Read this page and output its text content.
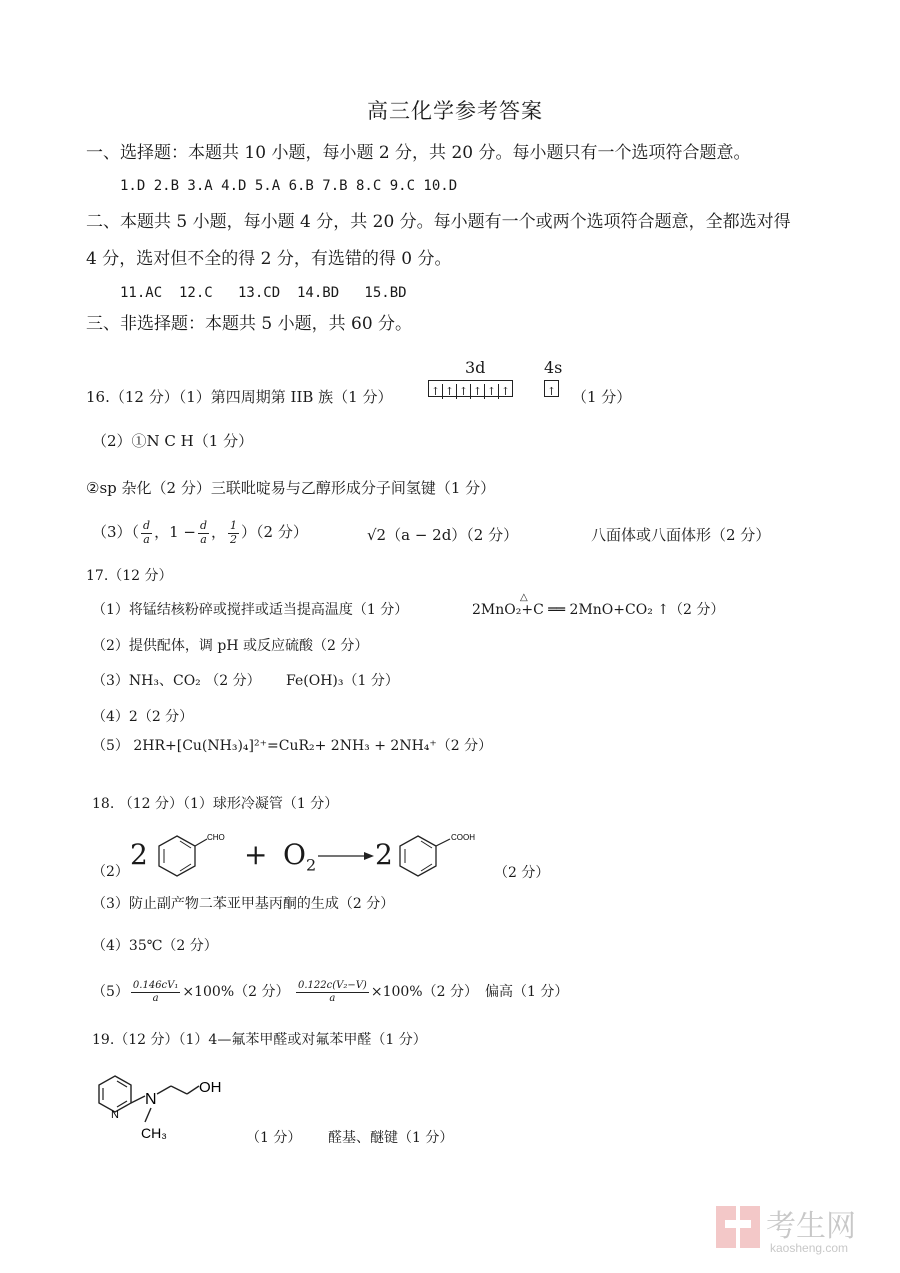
高三化学参考答案
一、选择题：本题共 10 小题，每小题 2 分，共 20 分。每小题只有一个选项符合题意。
1.D 2.B 3.A 4.D 5.A 6.B 7.B 8.C 9.C 10.D
二、本题共 5 小题，每小题 4 分，共 20 分。每小题有一个或两个选项符合题意，全都选对得
4 分，选对但不全的得 2 分，有选错的得 0 分。
11.AC  12.C   13.CD  14.BD   15.BD
三、非选择题：本题共 5 小题，共 60 分。
16.（12 分）（1）第四周期第 IIB 族（1 分）
3d
↑ ↑ ↑ ↑ ↑ ↑
4s
↑ （1 分）
（2）①N C H（1 分）
②sp 杂化（2 分）三联吡啶易与乙醇形成分子间氢键（1 分）
$(3)( \frac{d}{a}$ ，$1 - \frac{d}{a}$ ， $\frac{1}{2} )(2$ 分）	√2（a − 2d）（2 分）	八面体或八面体形（2 分）
17.（12 分）
（1）将锰结核粉碎或搅拌或适当提高温度（1 分）
△
2MnO₂+C ══ 2MnO+CO₂ ↑（2 分）
（2）提供配体，调 pH 或反应硫酸（2 分）
（3）NH₃、CO₂ （2 分）　　 Fe(OH)₃（1 分）
（4）2（2 分）
（5） 2HR+[Cu(NH₃)₄]²⁺=CuR₂+ 2NH₃ + 2NH₄⁺（2 分）
18. （12 分）（1）球形冷凝管（1 分）
（2）
2
CHO
+ $O_2 \to 2$
COOH
（2 分）
（3）防止副产物二苯亚甲基丙酮的生成（2 分）
（4）35℃（2 分）
$(5) \frac{\text{0.146cV₁}}{a} \times 100\%(2$ 分） $\frac{\text{0.122c(V₂−V)}}{a} \times 100\%(2$ 分）　偏高（1 分）
19.（12 分）（1）4—氟苯甲醛或对氟苯甲醛（1 分）
N
N
OH
CH₃	（1 分） 醛基、醚键（1 分）
考生网
kaosheng.com
